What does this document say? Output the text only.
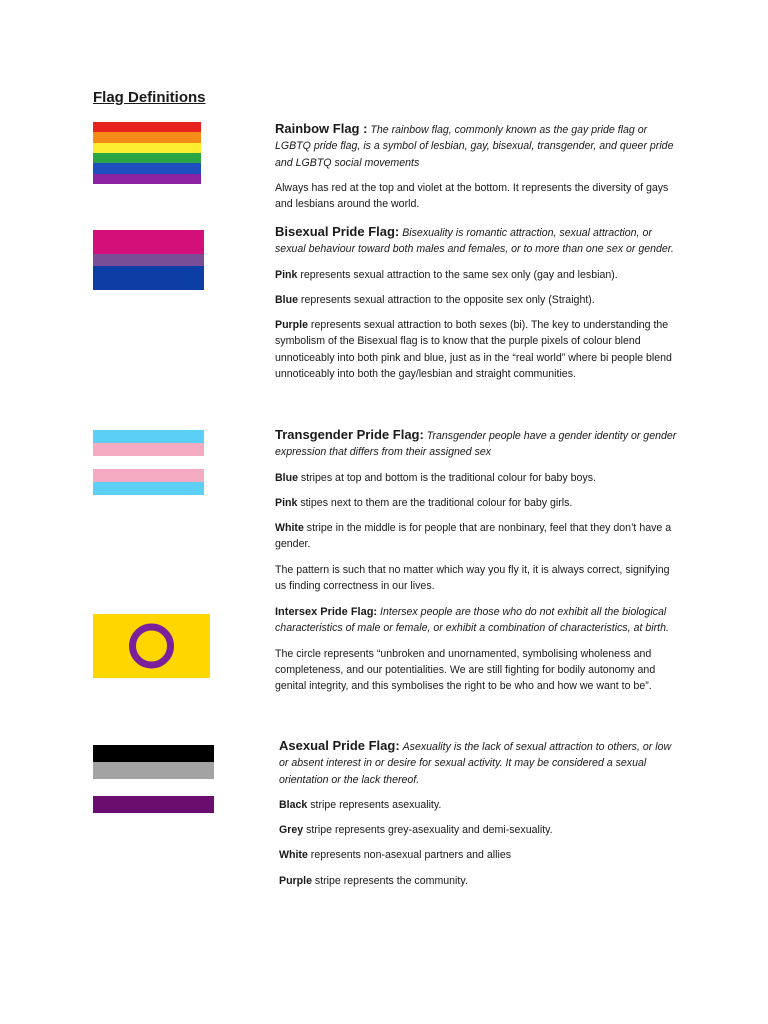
Flag Definitions

Rainbow Flag : The rainbow flag, commonly known as the gay pride flag or LGBTQ pride flag, is a symbol of lesbian, gay, bisexual, transgender, and queer pride and LGBTQ social movements

Always has red at the top and violet at the bottom. It represents the diversity of gays and lesbians around the world.

Bisexual Pride Flag: Bisexuality is romantic attraction, sexual attraction, or sexual behaviour toward both males and females, or to more than one sex or gender.

Pink represents sexual attraction to the same sex only (gay and lesbian).

Blue represents sexual attraction to the opposite sex only (Straight).

Purple represents sexual attraction to both sexes (bi). The key to understanding the symbolism of the Bisexual flag is to know that the purple pixels of colour blend unnoticeably into both pink and blue, just as in the “real world” where bi people blend unnoticeably into both the gay/lesbian and straight communities.

Transgender Pride Flag: Transgender people have a gender identity or gender expression that differs from their assigned sex

Blue stripes at top and bottom is the traditional colour for baby boys.

Pink stipes next to them are the traditional colour for baby girls.

White stripe in the middle is for people that are nonbinary, feel that they don’t have a gender.

The pattern is such that no matter which way you fly it, it is always correct, signifying us finding correctness in our lives.

Intersex Pride Flag: Intersex people are those who do not exhibit all the biological characteristics of male or female, or exhibit a combination of characteristics, at birth.

The circle represents “unbroken and unornamented, symbolising wholeness and completeness, and our potentialities. We are still fighting for bodily autonomy and genital integrity, and this symbolises the right to be who and how we want to be”.

Asexual Pride Flag: Asexuality is the lack of sexual attraction to others, or low or absent interest in or desire for sexual activity. It may be considered a sexual orientation or the lack thereof.

Black stripe represents asexuality.

Grey stripe represents grey-asexuality and demi-sexuality.

White represents non-asexual partners and allies

Purple stripe represents the community.
